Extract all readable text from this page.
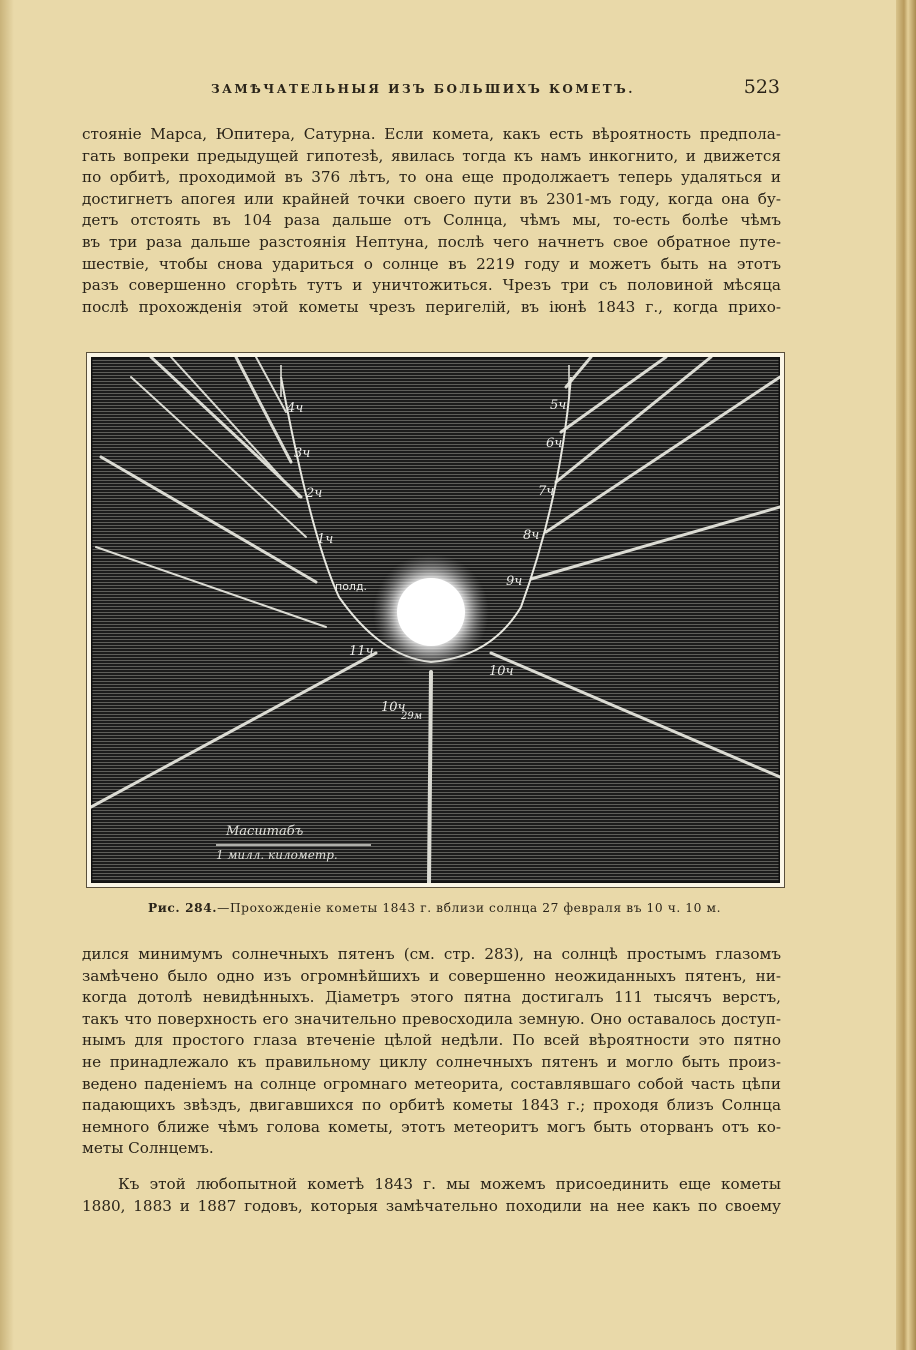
ЗАМѢЧАТЕЛЬНЫЯ ИЗЪ БОЛЬШИХЪ КОМЕТЪ.	523
стояніе Марса, Юпитера, Сатурна. Если комета, какъ есть вѣроятность предпола-
гать вопреки предыдущей гипотезѣ, явилась тогда къ намъ инкогнито, и движется
по орбитѣ, проходимой въ 376 лѣтъ, то она еще продолжаетъ теперь удаляться и
достигнетъ апогея или крайней точки своего пути въ 2301-мъ году, когда она бу-
детъ отстоять въ 104 раза дальше отъ Солнца, чѣмъ мы, то-есть болѣе чѣмъ
въ три раза дальше разстоянія Нептуна, послѣ чего начнетъ свое обратное путе-
шествіе, чтобы снова удариться о солнце въ 2219 году и можетъ быть на этотъ
разъ совершенно сгорѣть тутъ и уничтожиться. Чрезъ три съ половиной мѣсяца
послѣ прохожденія этой кометы чрезъ перигелій, въ іюнѣ 1843 г., когда прихо-
4ч
3ч
2ч
1ч
5ч
6ч
7ч
8ч
9ч
11ч
10ч
10ч
29м
полд.
Масштабъ
1 милл. километр.
Рис. 284.—Прохожденіе кометы 1843 г. вблизи солнца 27 февраля въ 10 ч. 10 м.
дился минимумъ солнечныхъ пятенъ (см. стр. 283), на солнцѣ простымъ глазомъ
замѣчено было одно изъ огромнѣйшихъ и совершенно неожиданныхъ пятенъ, ни-
когда дотолѣ невидѣнныхъ. Діаметръ этого пятна достигалъ 111 тысячъ верстъ,
такъ что поверхность его значительно превосходила земную. Оно оставалось доступ-
нымъ для простого глаза втеченіе цѣлой недѣли. По всей вѣроятности это пятно
не принадлежало къ правильному циклу солнечныхъ пятенъ и могло быть произ-
ведено паденіемъ на солнце огромнаго метеорита, составлявшаго собой часть цѣпи
падающихъ звѣздъ, двигавшихся по орбитѣ кометы 1843 г.; проходя близъ Солнца
немного ближе чѣмъ голова кометы, этотъ метеоритъ могъ быть оторванъ отъ ко-
меты Солнцемъ.
Къ этой любопытной кометѣ 1843 г. мы можемъ присоединить еще кометы
1880, 1883 и 1887 годовъ, которыя замѣчательно походили на нее какъ по своему
